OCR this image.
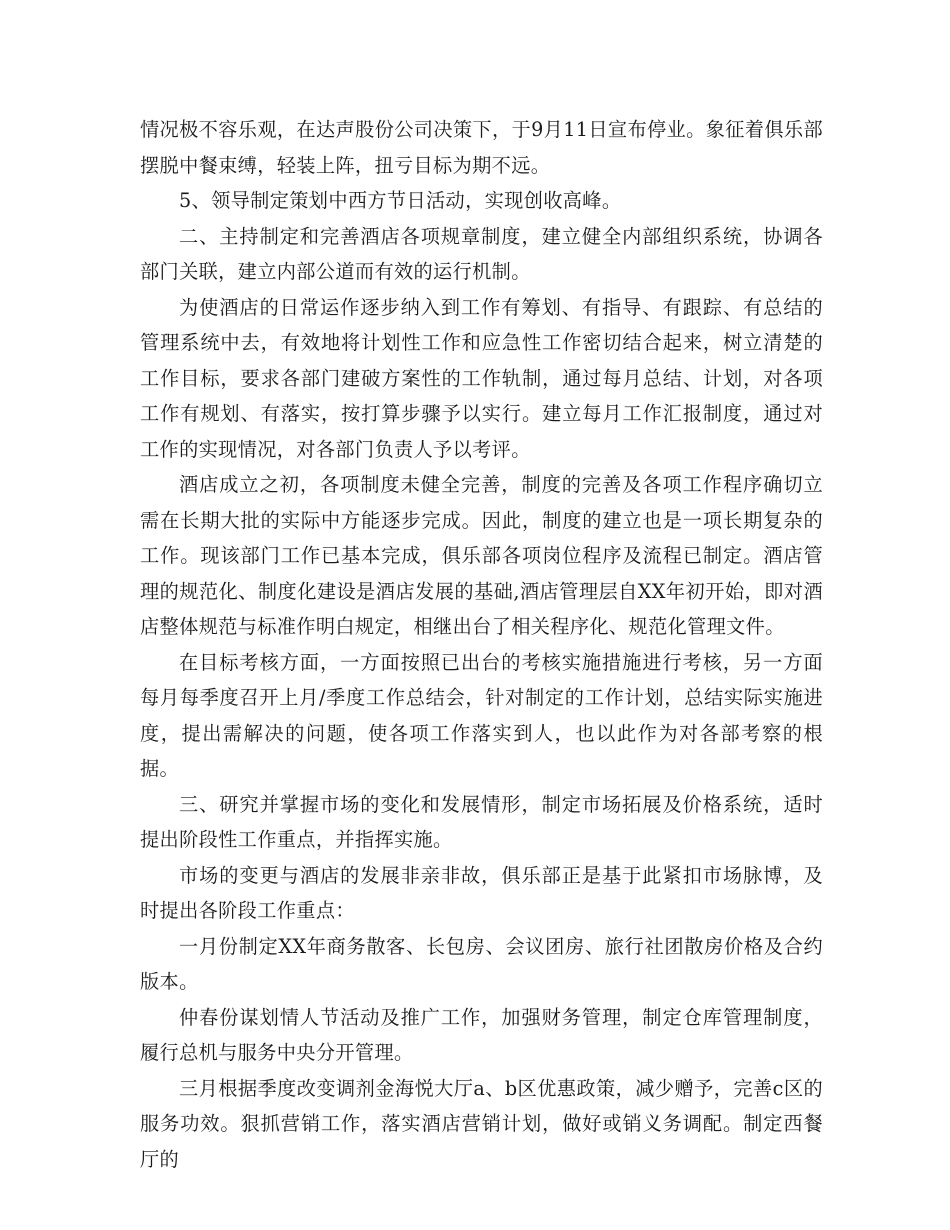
情况极不容乐观，在达声股份公司决策下，于9月11日宣布停业。象征着俱乐部摆脱中餐束缚，轻装上阵，扭亏目标为期不远。

5、领导制定策划中西方节日活动，实现创收高峰。

二、主持制定和完善酒店各项规章制度，建立健全内部组织系统，协调各部门关联，建立内部公道而有效的运行机制。

为使酒店的日常运作逐步纳入到工作有筹划、有指导、有跟踪、有总结的管理系统中去，有效地将计划性工作和应急性工作密切结合起来，树立清楚的工作目标，要求各部门建破方案性的工作轨制，通过每月总结、计划，对各项工作有规划、有落实，按打算步骤予以实行。建立每月工作汇报制度，通过对工作的实现情况，对各部门负责人予以考评。

酒店成立之初，各项制度未健全完善，制度的完善及各项工作程序确切立需在长期大批的实际中方能逐步完成。因此，制度的建立也是一项长期复杂的工作。现该部门工作已基本完成，俱乐部各项岗位程序及流程已制定。酒店管理的规范化、制度化建设是酒店发展的基础,酒店管理层自XX年初开始，即对酒店整体规范与标准作明白规定，相继出台了相关程序化、规范化管理文件。

在目标考核方面，一方面按照已出台的考核实施措施进行考核，另一方面每月每季度召开上月/季度工作总结会，针对制定的工作计划，总结实际实施进度，提出需解决的问题，使各项工作落实到人，也以此作为对各部考察的根据。

三、研究并掌握市场的变化和发展情形，制定市场拓展及价格系统，适时提出阶段性工作重点，并指挥实施。

市场的变更与酒店的发展非亲非故，俱乐部正是基于此紧扣市场脉博，及时提出各阶段工作重点：

一月份制定XX年商务散客、长包房、会议团房、旅行社团散房价格及合约版本。

仲春份谋划情人节活动及推广工作，加强财务管理，制定仓库管理制度，履行总机与服务中央分开管理。

三月根据季度改变调剂金海悦大厅a、b区优惠政策，减少赠予，完善c区的服务功效。狠抓营销工作，落实酒店营销计划，做好或销义务调配。制定西餐厅的
